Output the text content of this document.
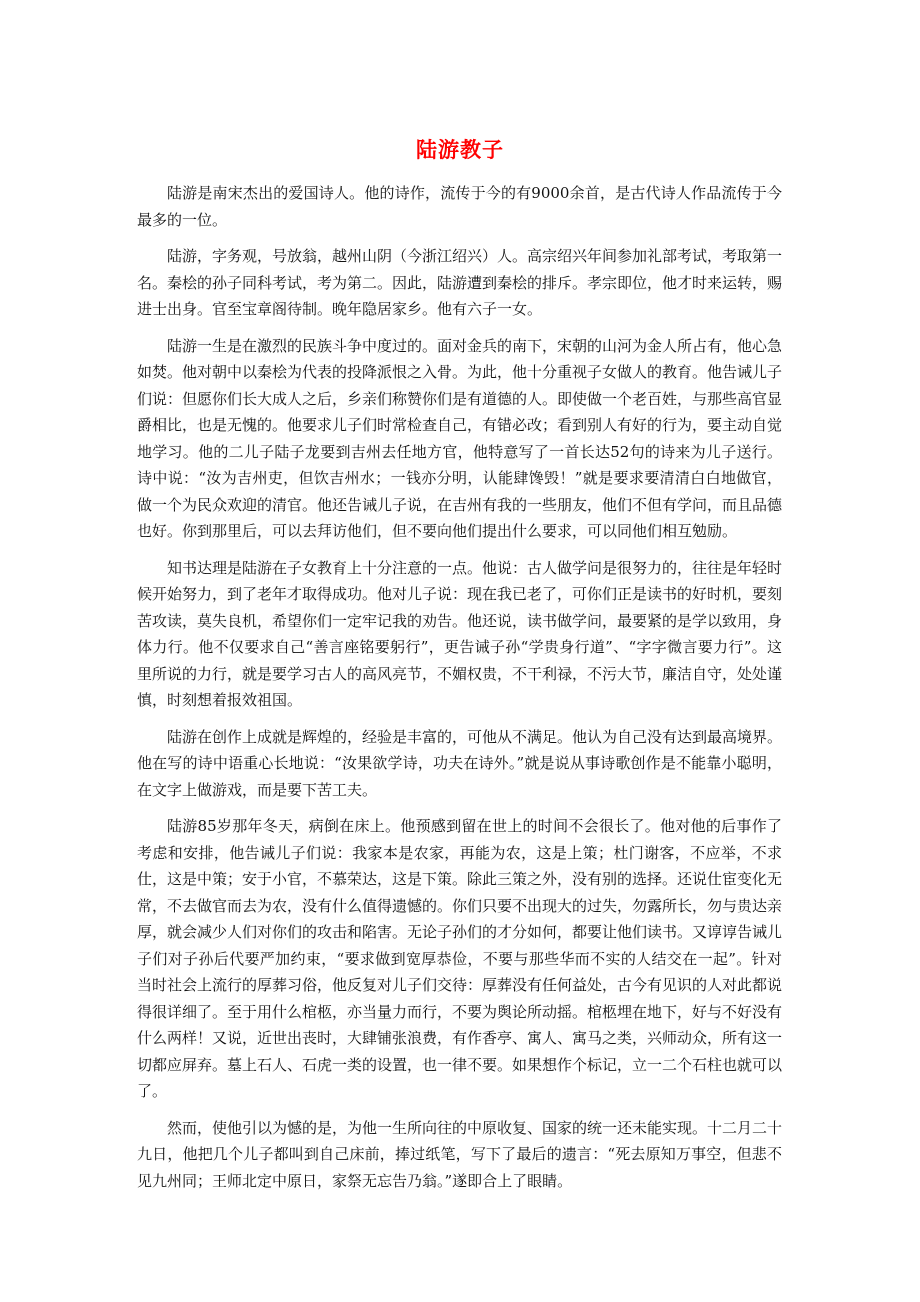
陆游教子

陆游是南宋杰出的爱国诗人。他的诗作，流传于今的有9000余首，是古代诗人作品流传于今最多的一位。

陆游，字务观，号放翁，越州山阴（今浙江绍兴）人。高宗绍兴年间参加礼部考试，考取第一名。秦桧的孙子同科考试，考为第二。因此，陆游遭到秦桧的排斥。孝宗即位，他才时来运转，赐进士出身。官至宝章阁待制。晚年隐居家乡。他有六子一女。

陆游一生是在激烈的民族斗争中度过的。面对金兵的南下，宋朝的山河为金人所占有，他心急如焚。他对朝中以秦桧为代表的投降派恨之入骨。为此，他十分重视子女做人的教育。他告诫儿子们说：但愿你们长大成人之后，乡亲们称赞你们是有道德的人。即使做一个老百姓，与那些高官显爵相比，也是无愧的。他要求儿子们时常检查自己，有错必改；看到别人有好的行为，要主动自觉地学习。他的二儿子陆子龙要到吉州去任地方官，他特意写了一首长达52句的诗来为儿子送行。诗中说：“汝为吉州吏，但饮吉州水；一钱亦分明，认能肆馋毁！”就是要求要清清白白地做官，做一个为民众欢迎的清官。他还告诫儿子说，在吉州有我的一些朋友，他们不但有学问，而且品德也好。你到那里后，可以去拜访他们，但不要向他们提出什么要求，可以同他们相互勉励。

知书达理是陆游在子女教育上十分注意的一点。他说：古人做学问是很努力的，往往是年轻时候开始努力，到了老年才取得成功。他对儿子说：现在我已老了，可你们正是读书的好时机，要刻苦攻读，莫失良机，希望你们一定牢记我的劝告。他还说，读书做学问，最要紧的是学以致用，身体力行。他不仅要求自己“善言座铭要躬行”，更告诫子孙“学贵身行道”、“字字微言要力行”。这里所说的力行，就是要学习古人的高风亮节，不媚权贵，不干利禄，不污大节，廉洁自守，处处谨慎，时刻想着报效祖国。

陆游在创作上成就是辉煌的，经验是丰富的，可他从不满足。他认为自己没有达到最高境界。他在写的诗中语重心长地说：“汝果欲学诗，功夫在诗外。”就是说从事诗歌创作是不能靠小聪明，在文字上做游戏，而是要下苦工夫。

陆游85岁那年冬天，病倒在床上。他预感到留在世上的时间不会很长了。他对他的后事作了考虑和安排，他告诫儿子们说：我家本是农家，再能为农，这是上策；杜门谢客，不应举，不求仕，这是中策；安于小官，不慕荣达，这是下策。除此三策之外，没有别的选择。还说仕宦变化无常，不去做官而去为农，没有什么值得遗憾的。你们只要不出现大的过失，勿露所长，勿与贵达亲厚，就会减少人们对你们的攻击和陷害。无论子孙们的才分如何，都要让他们读书。又谆谆告诫儿子们对子孙后代要严加约束，“要求做到宽厚恭俭，不要与那些华而不实的人结交在一起”。针对当时社会上流行的厚葬习俗，他反复对儿子们交待：厚葬没有任何益处，古今有见识的人对此都说得很详细了。至于用什么棺柩，亦当量力而行，不要为舆论所动摇。棺柩埋在地下，好与不好没有什么两样！又说，近世出丧时，大肆铺张浪费，有作香亭、寓人、寓马之类，兴师动众，所有这一切都应屏弃。墓上石人、石虎一类的设置，也一律不要。如果想作个标记，立一二个石柱也就可以了。

然而，使他引以为憾的是，为他一生所向往的中原收复、国家的统一还未能实现。十二月二十九日，他把几个儿子都叫到自己床前，捧过纸笔，写下了最后的遗言：“死去原知万事空，但悲不见九州同；王师北定中原日，家祭无忘告乃翁。”遂即合上了眼睛。
